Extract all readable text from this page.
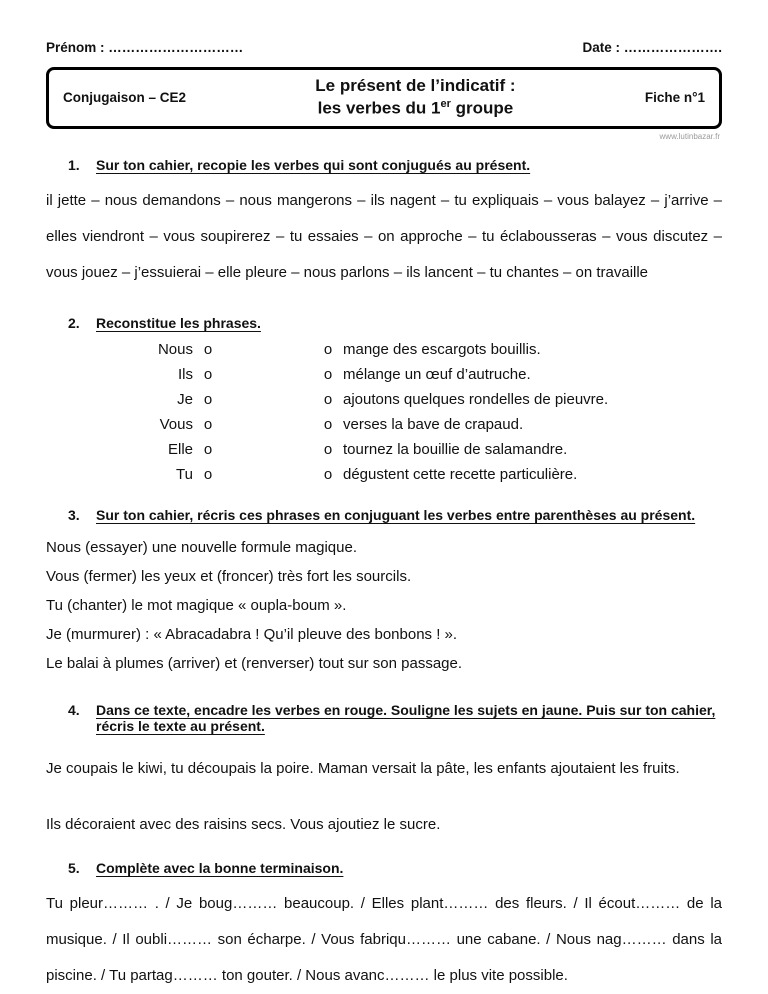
Prénom : …………………………	Date : ………………….
Conjugaison – CE2
Le présent de l’indicatif :
les verbes du 1er groupe
Fiche n°1
www.lutinbazar.fr
1.	Sur ton cahier, recopie les verbes qui sont conjugués au présent.
il jette – nous demandons – nous mangerons – ils nagent – tu expliquais – vous balayez – j’arrive – elles viendront – vous soupirerez – tu essaies – on approche – tu éclabousseras – vous discutez – vous jouez – j’essuierai – elle pleure – nous parlons – ils lancent – tu chantes – on travaille
2.	Reconstitue les phrases.
Nous o	o mange des escargots bouillis.
Ils o	o mélange un œuf d’autruche.
Je o	o ajoutons quelques rondelles de pieuvre.
Vous o	o verses la bave de crapaud.
Elle o	o tournez la bouillie de salamandre.
Tu o	o dégustent cette recette particulière.
3.	Sur ton cahier, récris ces phrases en conjuguant les verbes entre parenthèses au présent.
Nous (essayer) une nouvelle formule magique.
Vous (fermer) les yeux et (froncer) très fort les sourcils.
Tu (chanter) le mot magique « oupla-boum ».
Je (murmurer) : « Abracadabra ! Qu’il pleuve des bonbons ! ».
Le balai à plumes (arriver) et (renverser) tout sur son passage.
4.	Dans ce texte, encadre les verbes en rouge. Souligne les sujets en jaune. Puis sur ton cahier, récris le texte au présent.

Je coupais le kiwi, tu découpais la poire. Maman versait la pâte, les enfants ajoutaient les fruits.

Ils décoraient avec des raisins secs. Vous ajoutiez le sucre.

5.	Complète avec la bonne terminaison.
Tu pleur……… . / Je boug……… beaucoup. / Elles plant……… des fleurs. / Il écout……… de la musique. / Il oubli……… son écharpe. / Vous fabriqu……… une cabane. / Nous nag……… dans la piscine. / Tu partag……… ton gouter. / Nous avanc……… le plus vite possible.
